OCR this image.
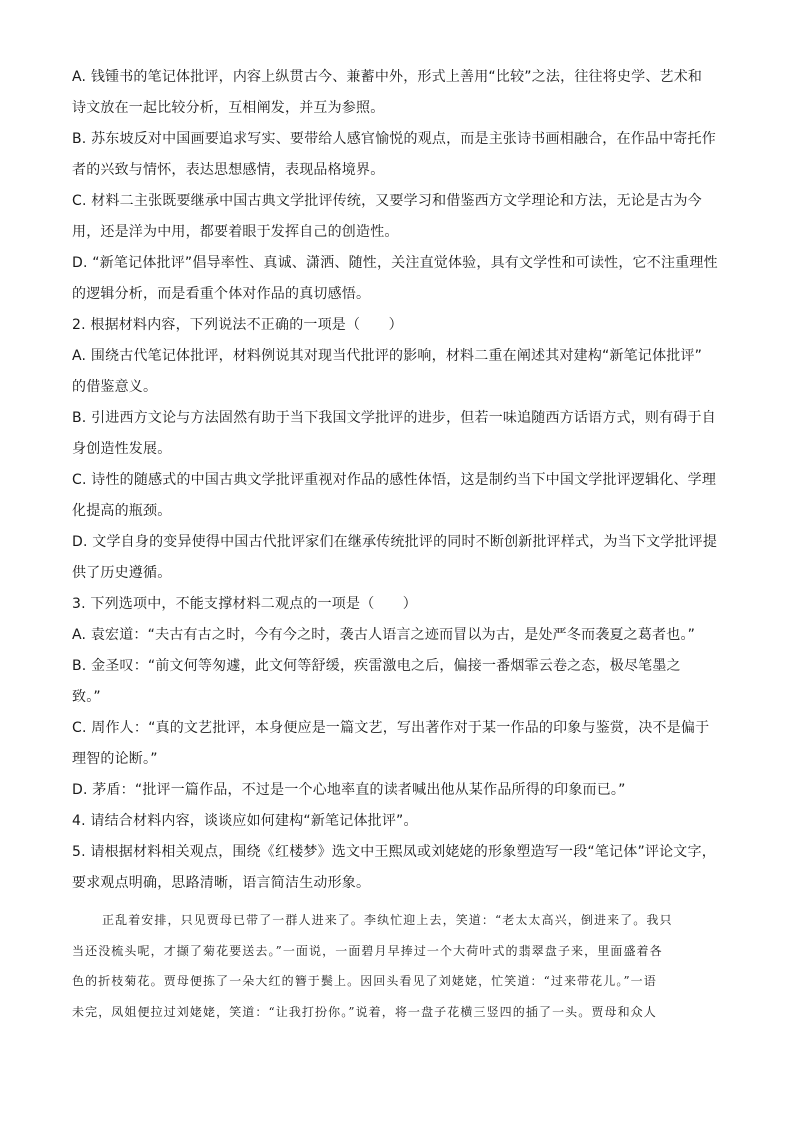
A. 钱锺书的笔记体批评，内容上纵贯古今、兼蓄中外，形式上善用“比较”之法，往往将史学、艺术和
诗文放在一起比较分析，互相阐发，并互为参照。
B. 苏东坡反对中国画要追求写实、要带给人感官愉悦的观点，而是主张诗书画相融合，在作品中寄托作
者的兴致与情怀，表达思想感情，表现品格境界。
C. 材料二主张既要继承中国古典文学批评传统，又要学习和借鉴西方文学理论和方法，无论是古为今
用，还是洋为中用，都要着眼于发挥自己的创造性。
D. “新笔记体批评”倡导率性、真诚、潇洒、随性，关注直觉体验，具有文学性和可读性，它不注重理性
的逻辑分析，而是看重个体对作品的真切感悟。
2. 根据材料内容，下列说法不正确的一项是（　　）
A. 围绕古代笔记体批评，材料例说其对现当代批评的影响，材料二重在阐述其对建构“新笔记体批评”
的借鉴意义。
B. 引进西方文论与方法固然有助于当下我国文学批评的进步，但若一味追随西方话语方式，则有碍于自
身创造性发展。
C. 诗性的随感式的中国古典文学批评重视对作品的感性体悟，这是制约当下中国文学批评逻辑化、学理
化提高的瓶颈。
D. 文学自身的变异使得中国古代批评家们在继承传统批评的同时不断创新批评样式，为当下文学批评提
供了历史遵循。
3. 下列选项中，不能支撑材料二观点的一项是（　　）
A. 袁宏道：“夫古有古之时，今有今之时，袭古人语言之迹而冒以为古，是处严冬而袭夏之葛者也。”
B. 金圣叹：“前文何等匆遽，此文何等舒缓，疾雷激电之后，偏接一番烟霏云卷之态，极尽笔墨之
致。”
C. 周作人：“真的文艺批评，本身便应是一篇文艺，写出著作对于某一作品的印象与鉴赏，决不是偏于
理智的论断。”
D. 茅盾：“批评一篇作品，不过是一个心地率直的读者喊出他从某作品所得的印象而已。”
4. 请结合材料内容，谈谈应如何建构“新笔记体批评”。
5. 请根据材料相关观点，围绕《红楼梦》选文中王熙凤或刘姥姥的形象塑造写一段“笔记体”评论文字，
要求观点明确，思路清晰，语言简洁生动形象。
正乱着安排，只见贾母已带了一群人进来了。李纨忙迎上去，笑道：“老太太高兴，倒进来了。我只
当还没梳头呢，才撷了菊花要送去。”一面说，一面碧月早捧过一个大荷叶式的翡翠盘子来，里面盛着各
色的折枝菊花。贾母便拣了一朵大红的簪于鬓上。因回头看见了刘姥姥，忙笑道：“过来带花儿。”一语
未完，凤姐便拉过刘姥姥，笑道：“让我打扮你。”说着，将一盘子花横三竖四的插了一头。贾母和众人
